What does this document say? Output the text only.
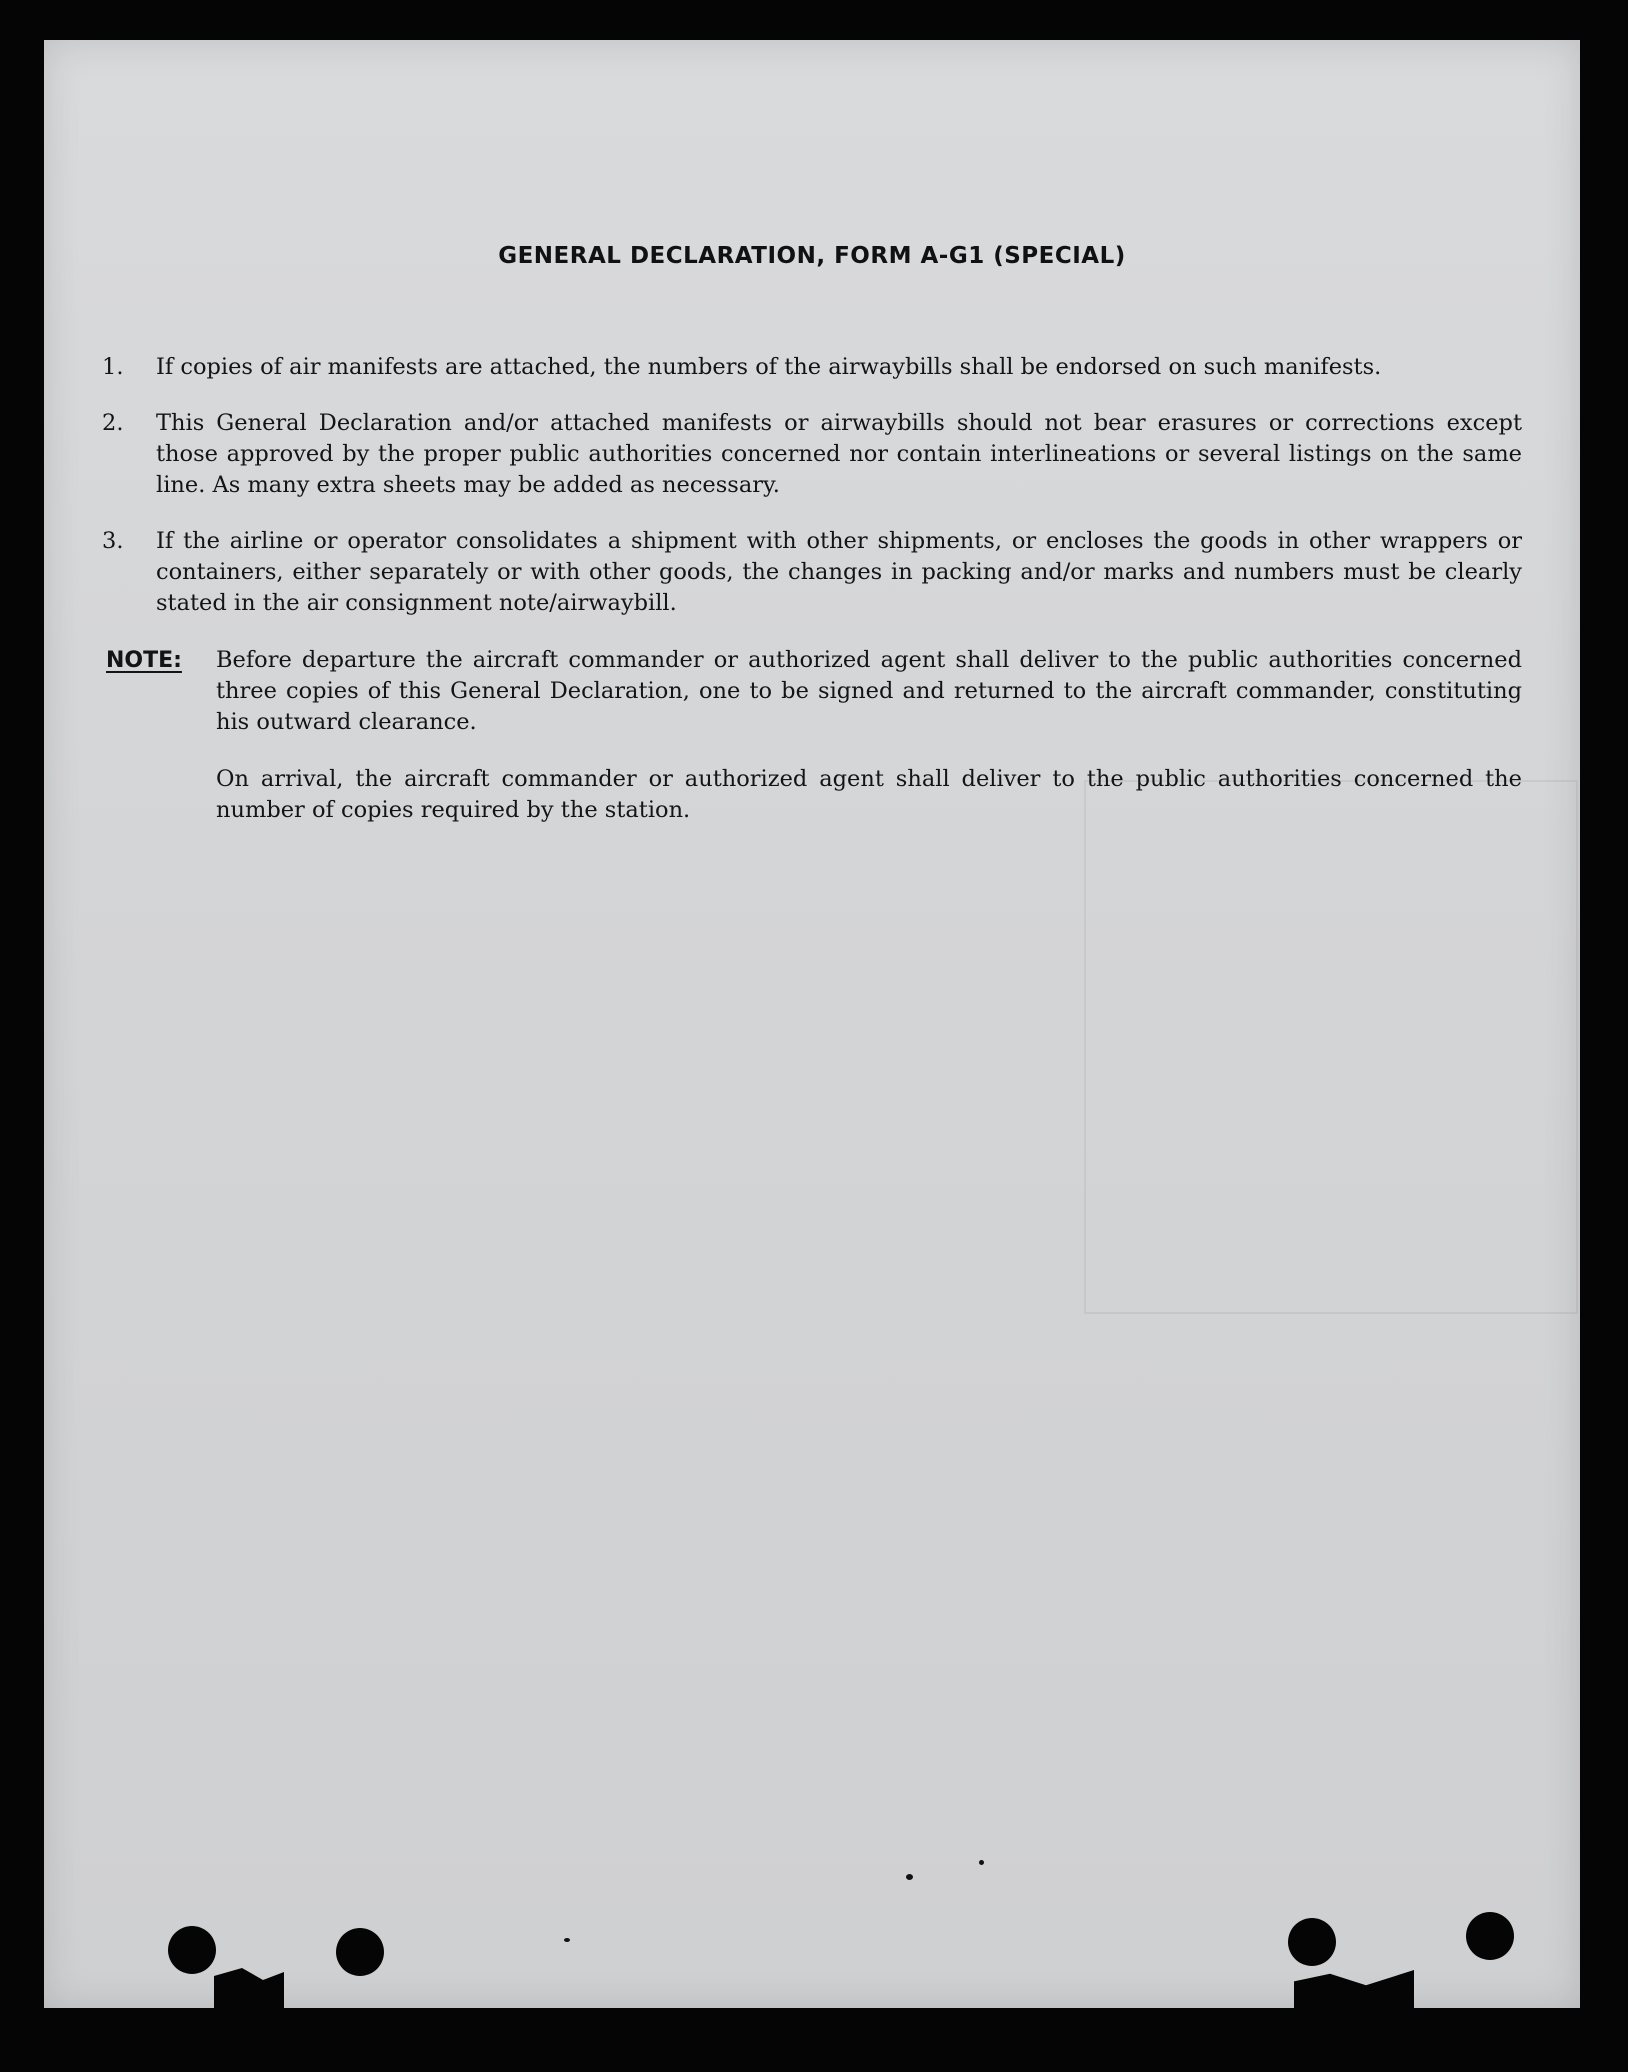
GENERAL DECLARATION, FORM A-G1 (SPECIAL)
1.	If copies of air manifests are attached, the numbers of the airwaybills shall be endorsed on such manifests.
2.	This General Declaration and/or attached manifests or airwaybills should not bear erasures or corrections except those approved by the proper public authorities concerned nor contain interlineations or several listings on the same line. As many extra sheets may be added as necessary.
3.	If the airline or operator consolidates a shipment with other shipments, or encloses the goods in other wrappers or containers, either separately or with other goods, the changes in packing and/or marks and numbers must be clearly stated in the air consignment note/airwaybill.
NOTE: Before departure the aircraft commander or authorized agent shall deliver to the public authorities concerned three copies of this General Declaration, one to be signed and returned to the aircraft commander, constituting his outward clearance.
On arrival, the aircraft commander or authorized agent shall deliver to the public authorities concerned the number of copies required by the station.
